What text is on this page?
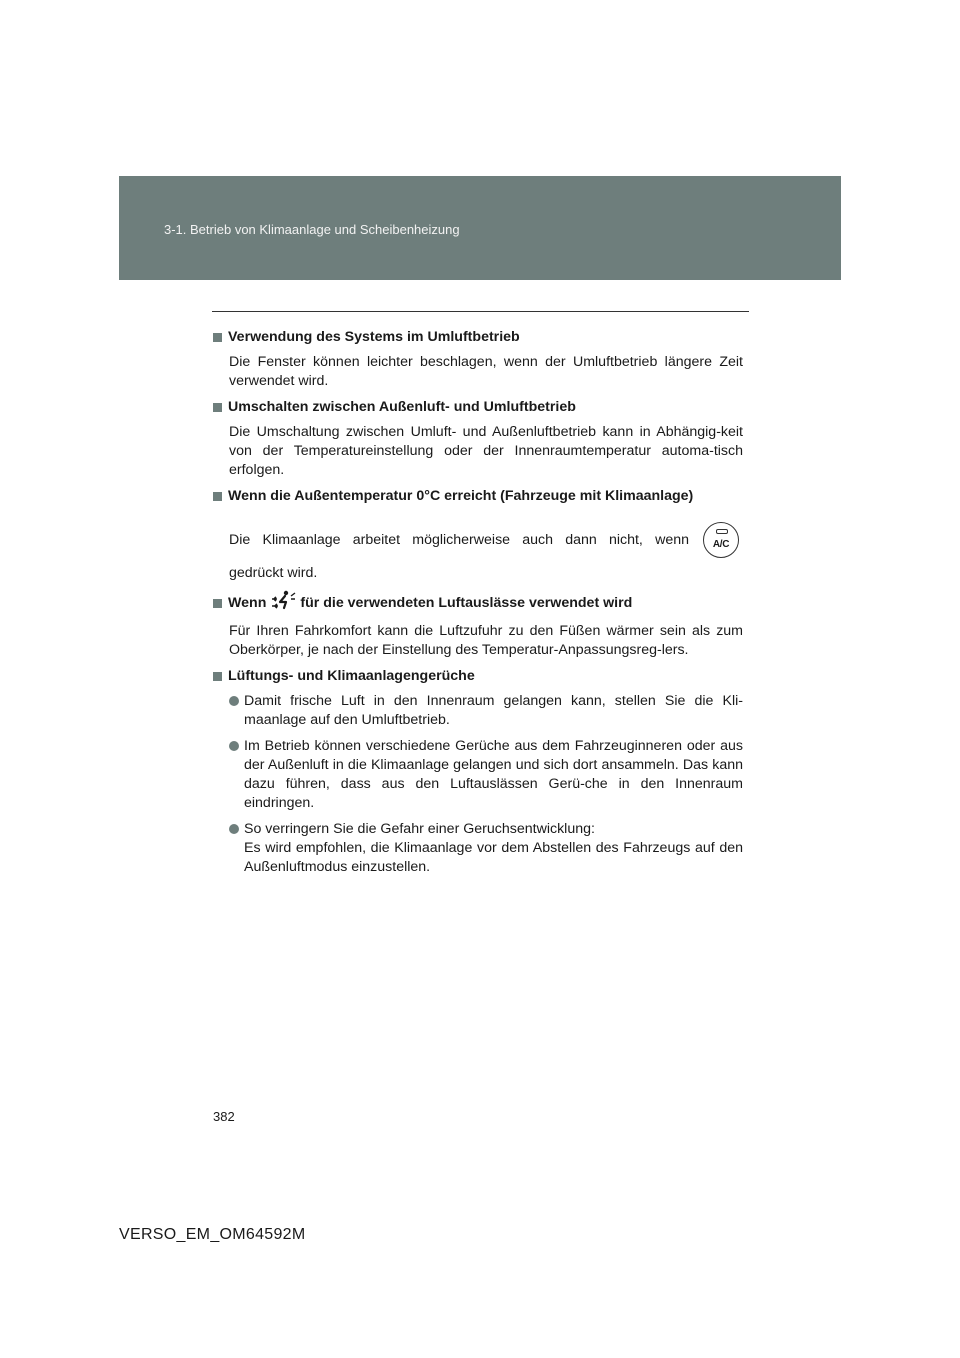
3-1. Betrieb von Klimaanlage und Scheibenheizung
Verwendung des Systems im Umluftbetrieb

Die Fenster können leichter beschlagen, wenn der Umluftbetrieb längere Zeit verwendet wird.

Umschalten zwischen Außenluft- und Umluftbetrieb

Die Umschaltung zwischen Umluft- und Außenluftbetrieb kann in Abhängig-keit von der Temperatureinstellung oder der Innenraumtemperatur automa-tisch erfolgen.

Wenn die Außentemperatur 0°C erreicht (Fahrzeuge mit Klimaanlage)
Die Klimaanlage arbeitet möglicherweise auch dann nicht, wenn A/C

gedrückt wird.

Wenn für die verwendeten Luftauslässe verwendet wird

Für Ihren Fahrkomfort kann die Luftzufuhr zu den Füßen wärmer sein als zum Oberkörper, je nach der Einstellung des Temperatur-Anpassungsreg-lers.

Lüftungs- und Klimaanlagengerüche
Damit frische Luft in den Innenraum gelangen kann, stellen Sie die Kli-maanlage auf den Umluftbetrieb.
Im Betrieb können verschiedene Gerüche aus dem Fahrzeuginneren oder aus der Außenluft in die Klimaanlage gelangen und sich dort ansammeln. Das kann dazu führen, dass aus den Luftauslässen Gerü-che in den Innenraum eindringen.
So verringern Sie die Gefahr einer Geruchsentwicklung:
Es wird empfohlen, die Klimaanlage vor dem Abstellen des Fahrzeugs auf den Außenluftmodus einzustellen.
382
VERSO_EM_OM64592M
